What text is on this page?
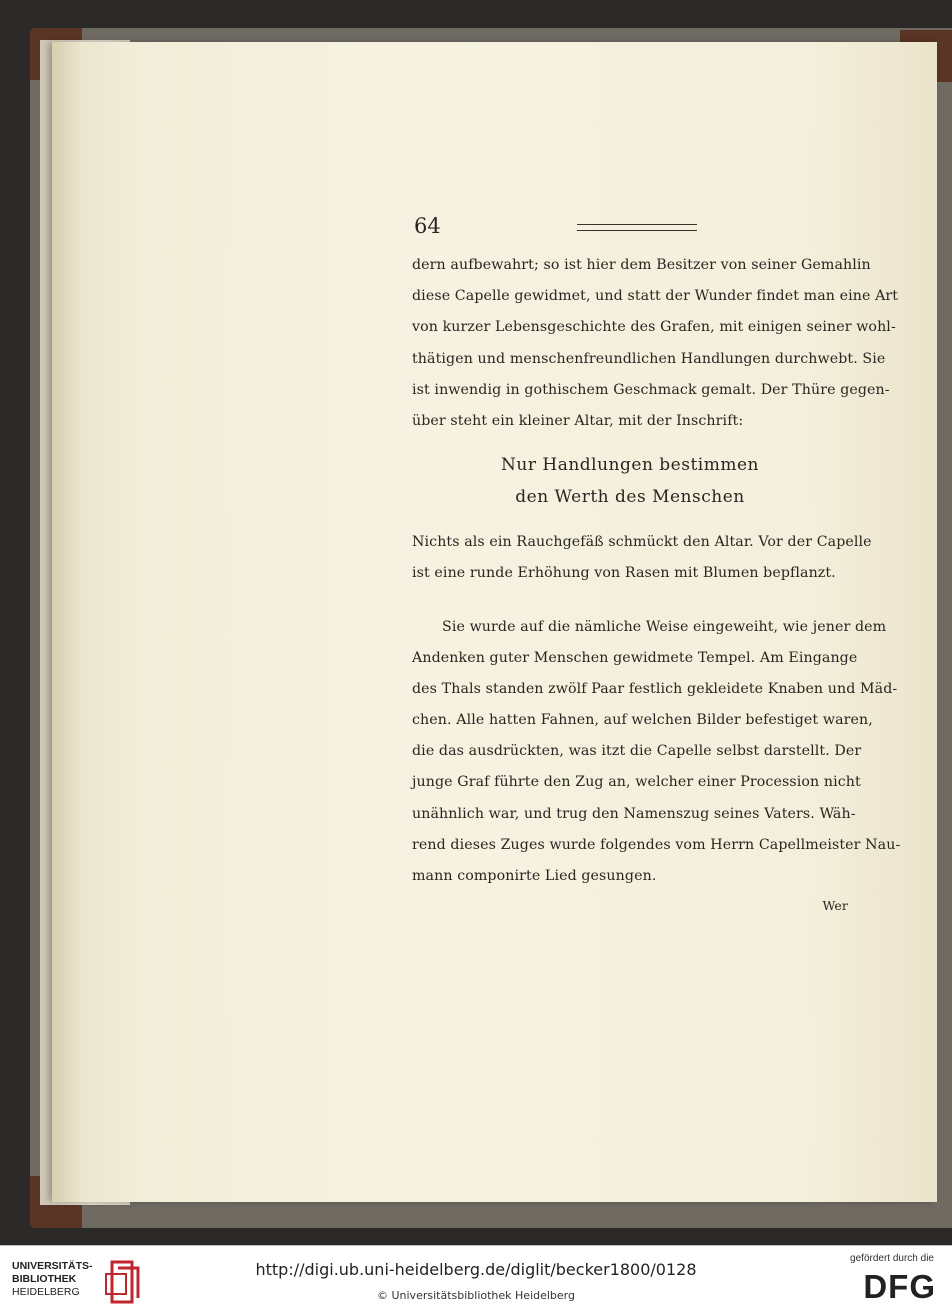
64
dern aufbewahrt; so ist hier dem Besitzer von seiner Gemahlin
diese Capelle gewidmet, und statt der Wunder findet man eine Art
von kurzer Lebensgeschichte des Grafen, mit einigen seiner wohl-
thätigen und menschenfreundlichen Handlungen durchwebt. Sie
ist inwendig in gothischem Geschmack gemalt. Der Thüre gegen-
über steht ein kleiner Altar, mit der Inschrift:
Nur Handlungen bestimmen
den Werth des Menschen
Nichts als ein Rauchgefäß schmückt den Altar. Vor der Capelle
ist eine runde Erhöhung von Rasen mit Blumen bepflanzt.
Sie wurde auf die nämliche Weise eingeweiht, wie jener dem
Andenken guter Menschen gewidmete Tempel. Am Eingange
des Thals standen zwölf Paar festlich gekleidete Knaben und Mäd-
chen. Alle hatten Fahnen, auf welchen Bilder befestiget waren,
die das ausdrückten, was itzt die Capelle selbst darstellt. Der
junge Graf führte den Zug an, welcher einer Procession nicht
unähnlich war, und trug den Namenszug seines Vaters. Wäh-
rend dieses Zuges wurde folgendes vom Herrn Capellmeister Nau-
mann componirte Lied gesungen.
Wer
UNIVERSITÄTS-
BIBLIOTHEK
HEIDELBERG
http://digi.ub.uni-heidelberg.de/diglit/becker1800/0128
© Universitätsbibliothek Heidelberg
gefördert durch die
DFG
